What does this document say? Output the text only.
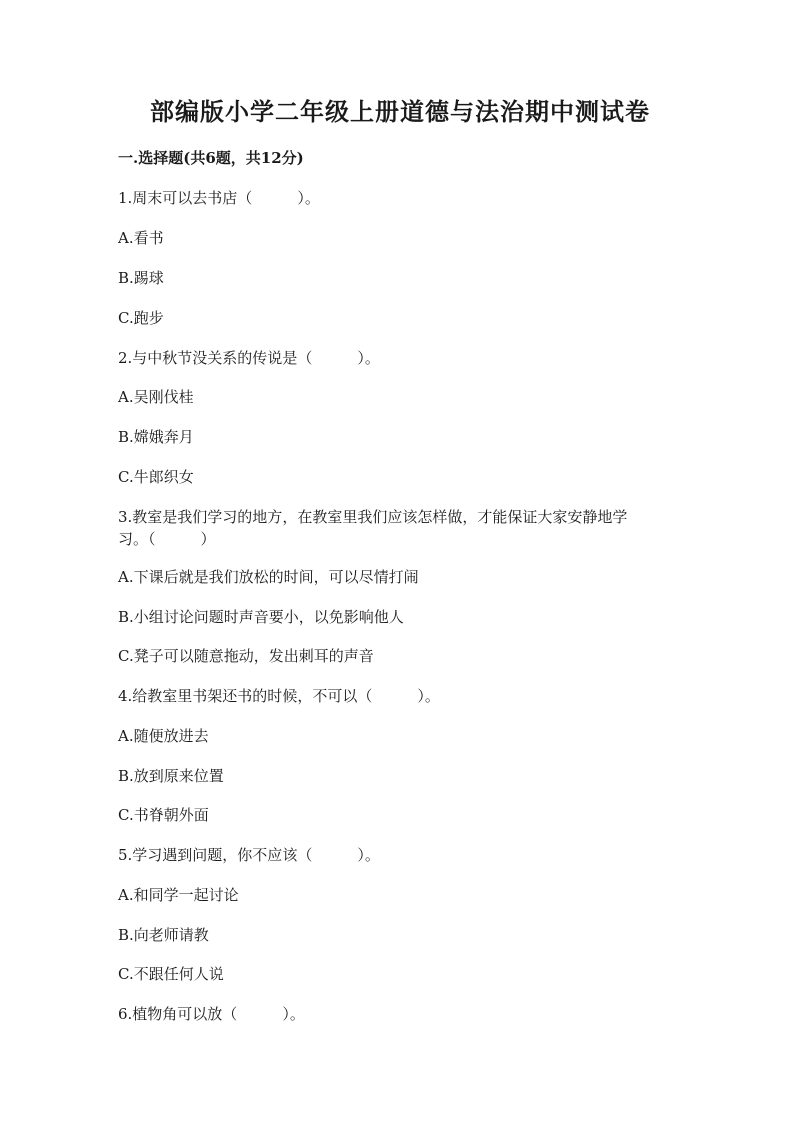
部编版小学二年级上册道德与法治期中测试卷
一.选择题(共6题，共12分)
1.周末可以去书店（　　　）。
A.看书
B.踢球
C.跑步
2.与中秋节没关系的传说是（　　　）。
A.吴刚伐桂
B.嫦娥奔月
C.牛郎织女
3.教室是我们学习的地方，在教室里我们应该怎样做，才能保证大家安静地学
习。（　　　）
A.下课后就是我们放松的时间，可以尽情打闹
B.小组讨论问题时声音要小，以免影响他人
C.凳子可以随意拖动，发出刺耳的声音
4.给教室里书架还书的时候，不可以（　　　）。
A.随便放进去
B.放到原来位置
C.书脊朝外面
5.学习遇到问题，你不应该（　　　）。
A.和同学一起讨论
B.向老师请教
C.不跟任何人说
6.植物角可以放（　　　）。
